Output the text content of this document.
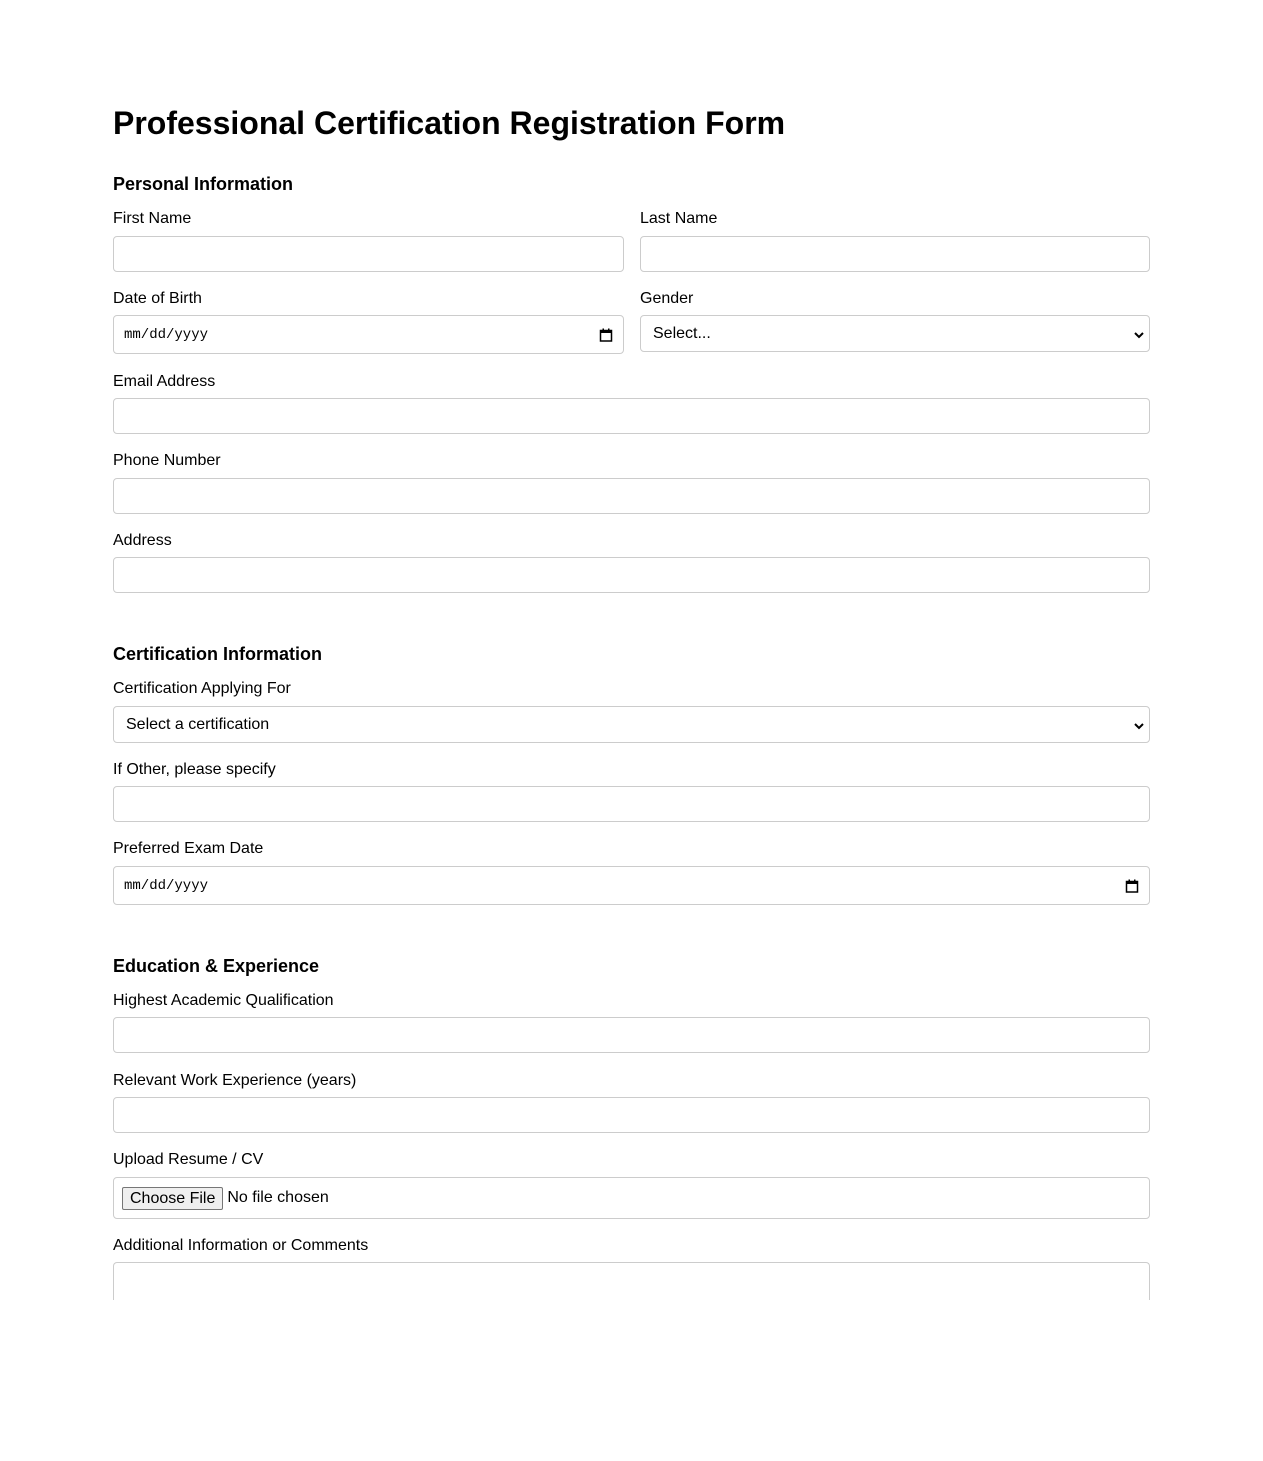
Professional Certification Registration Form
Personal Information
First Name	Last Name
Date of Birth
mm/dd/yyyy
Gender
Select...
Email Address
Phone Number
Address
Certification Information
Certification Applying For
Select a certification
If Other, please specify
Preferred Exam Date
mm/dd/yyyy
Education & Experience
Highest Academic Qualification
Relevant Work Experience (years)
Upload Resume / CV
Choose File No file chosen
Additional Information or Comments
